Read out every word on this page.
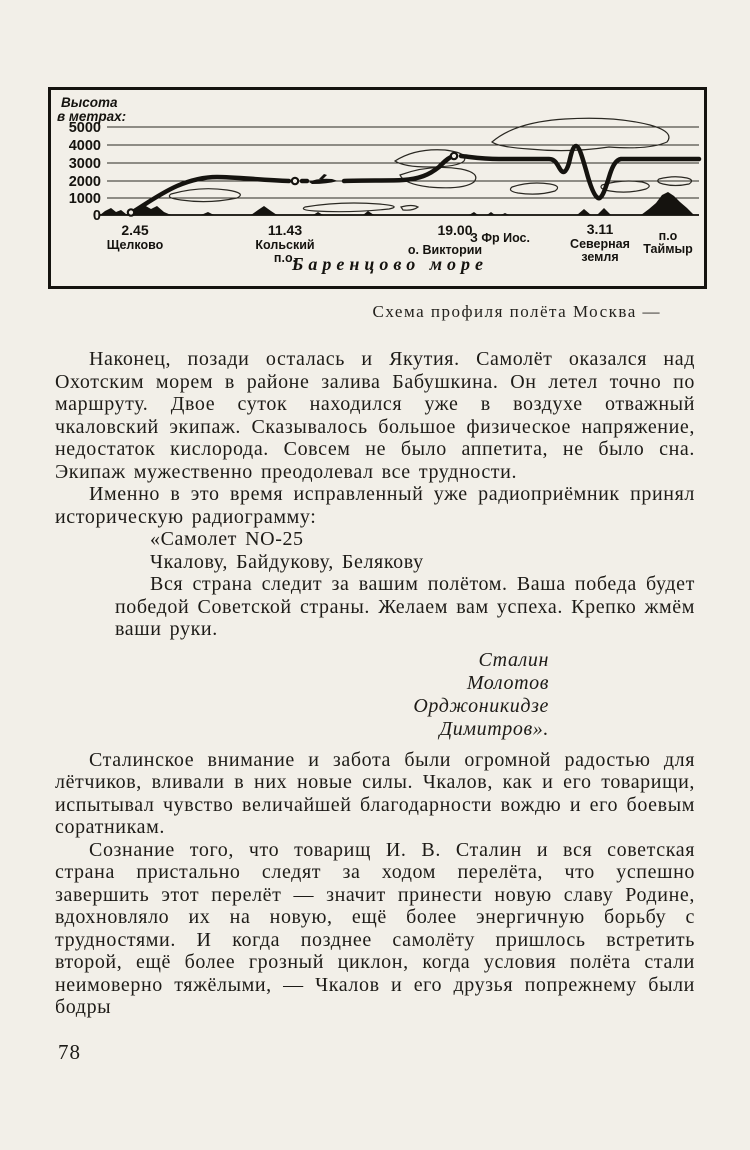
Высота
в метрах:
5000
4000
3000
2000
1000
0
2.45
Щелково
11.43
Кольский
п.о.
19.00
З Фр Иос.
о. Виктории
3.11
Северная
земля
п.о
Таймыр
Баренцово море
Схема профиля полёта Москва —

Наконец, позади осталась и Якутия. Самолёт оказался над Охотским морем в районе залива Бабушкина. Он летел точно по маршруту. Двое суток находился уже в воздухе отважный чкаловский экипаж. Сказывалось большое физическое напряжение, недостаток кислорода. Совсем не было аппетита, не было сна. Экипаж мужественно преодолевал все трудности.

Именно в это время исправленный уже радиоприёмник принял историческую радиограмму:

«Самолет NO-25

Чкалову, Байдукову, Белякову

Вся страна следит за вашим полётом. Ваша победа будет победой Советской страны. Желаем вам успеха. Крепко жмём ваши руки.

Сталин
Молотов
Орджоникидзе
Димитров».

Сталинское внимание и забота были огромной радостью для лётчиков, вливали в них новые силы. Чкалов, как и его товарищи, испытывал чувство величайшей благодарности вождю и его боевым соратникам.

Сознание того, что товарищ И. В. Сталин и вся советская страна пристально следят за ходом перелёта, что успешно завершить этот перелёт — значит принести новую славу Родине, вдохновляло их на новую, ещё более энергичную борьбу с трудностями. И когда позднее самолёту пришлось встретить второй, ещё более грозный циклон, когда условия полёта стали неимоверно тяжёлыми, — Чкалов и его друзья попрежнему были бодры

78
